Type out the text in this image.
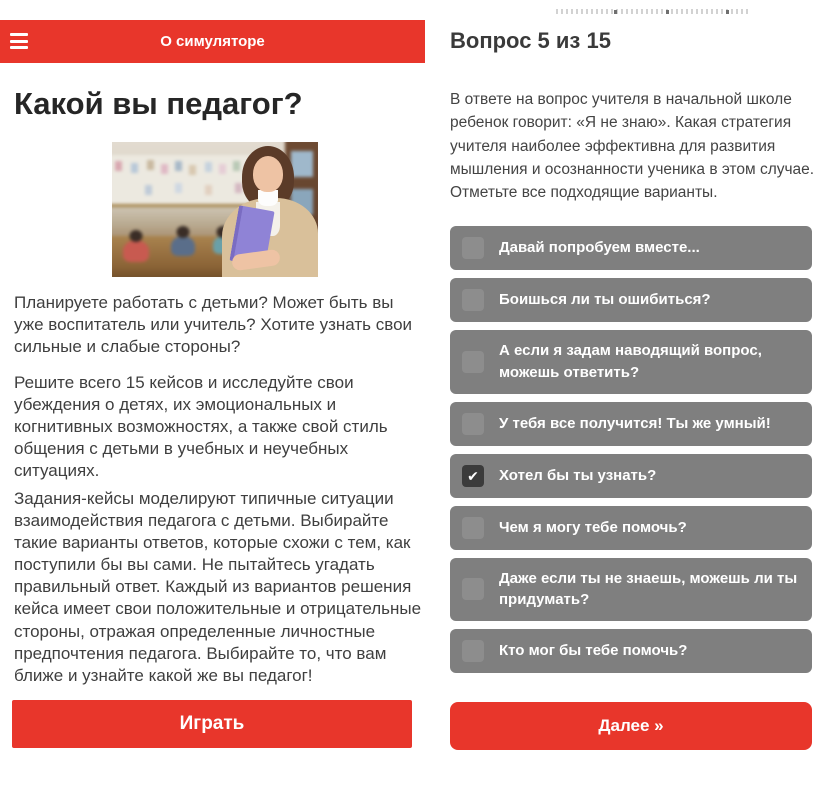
О симуляторе
Какой вы педагог?

Планируете работать с детьми? Может быть вы уже воспитатель или учитель? Хотите узнать свои сильные и слабые стороны?

Решите всего 15 кейсов и исследуйте свои убеждения о детях, их эмоциональных и когнитивных возможностях, а также свой стиль общения с детьми в учебных и неучебных ситуациях.

Задания-кейсы моделируют типичные ситуации взаимодействия педагога с детьми. Выбирайте такие варианты ответов, которые схожи с тем, как поступили бы вы сами. Не пытайтесь угадать правильный ответ. Каждый из вариантов решения кейса имеет свои положительные и отрицательные стороны, отражая определенные личностные предпочтения педагога. Выбирайте то, что вам ближе и узнайте какой же вы педагог!

Играть
Вопрос 5 из 15

В ответе на вопрос учителя в начальной школе ребенок говорит: «Я не знаю». Какая стратегия учителя наиболее эффективна для развития мышления и осознанности ученика в этом случае. Отметьте все подходящие варианты.

Давай попробуем вместе...
Боишься ли ты ошибиться?
А если я задам наводящий вопрос, можешь ответить?
У тебя все получится! Ты же умный!
✔ Хотел бы ты узнать?
Чем я могу тебе помочь?
Даже если ты не знаешь, можешь ли ты придумать?
Кто мог бы тебе помочь?
Далее »
